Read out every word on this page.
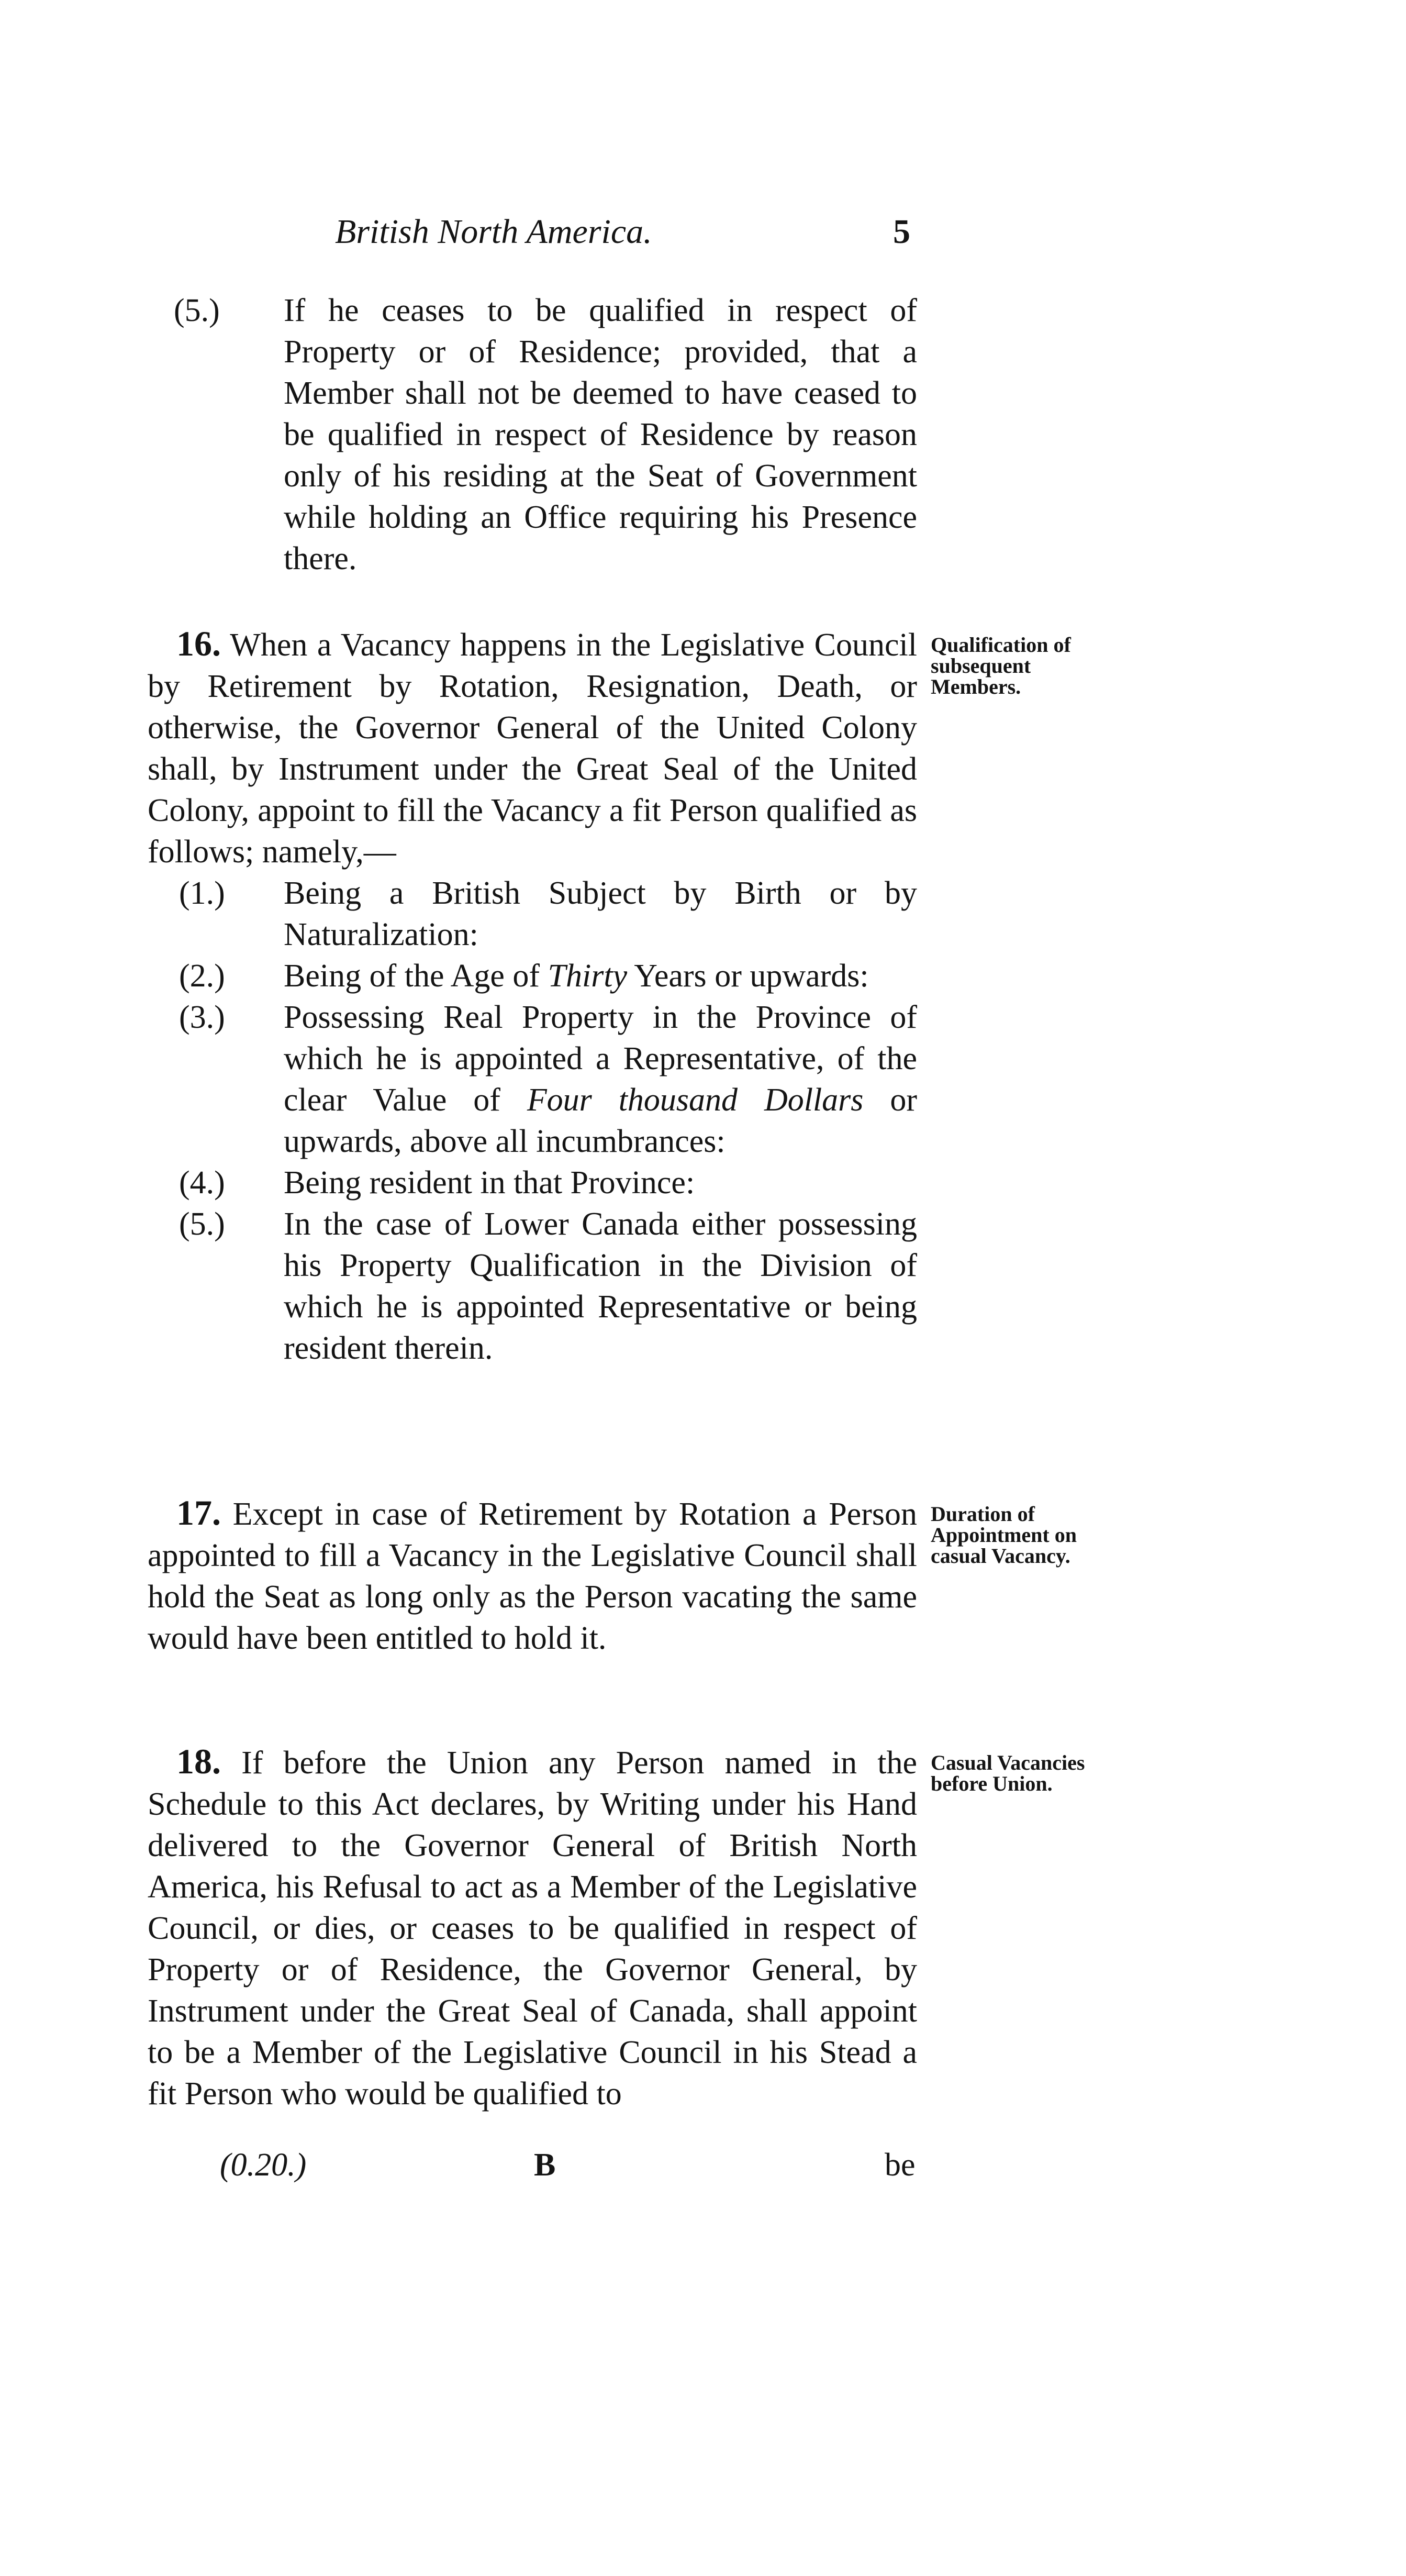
British North America.	5
(5.) If he ceases to be qualified in respect of Property or of Residence; provided, that a Member shall not be deemed to have ceased to be qualified in respect of Residence by reason only of his residing at the Seat of Government while holding an Office requiring his Presence there.

16. When a Vacancy happens in the Legislative Council by Retirement by Rotation, Resignation, Death, or otherwise, the Governor General of the United Colony shall, by Instrument under the Great Seal of the United Colony, appoint to fill the Vacancy a fit Person qualified as follows; namely,—

(1.) Being a British Subject by Birth or by Naturalization:
(2.) Being of the Age of Thirty Years or upwards:
(3.) Possessing Real Property in the Province of which he is appointed a Representative, of the clear Value of Four thousand Dollars or upwards, above all incumbrances:
(4.) Being resident in that Province:
(5.) In the case of Lower Canada either possessing his Property Qualification in the Division of which he is appointed Representative or being resident therein.
Qualification of subsequent Members.

17. Except in case of Retirement by Rotation a Person appointed to fill a Vacancy in the Legislative Council shall hold the Seat as long only as the Person vacating the same would have been entitled to hold it.

Duration of Appointment on casual Vacancy.

18. If before the Union any Person named in the Schedule to this Act declares, by Writing under his Hand delivered to the Governor General of British North America, his Refusal to act as a Member of the Legislative Council, or dies, or ceases to be qualified in respect of Property or of Residence, the Governor General, by Instrument under the Great Seal of Canada, shall appoint to be a Member of the Legislative Council in his Stead a fit Person who would be qualified to

Casual Vacancies before Union.
(0.20.)	B	be
